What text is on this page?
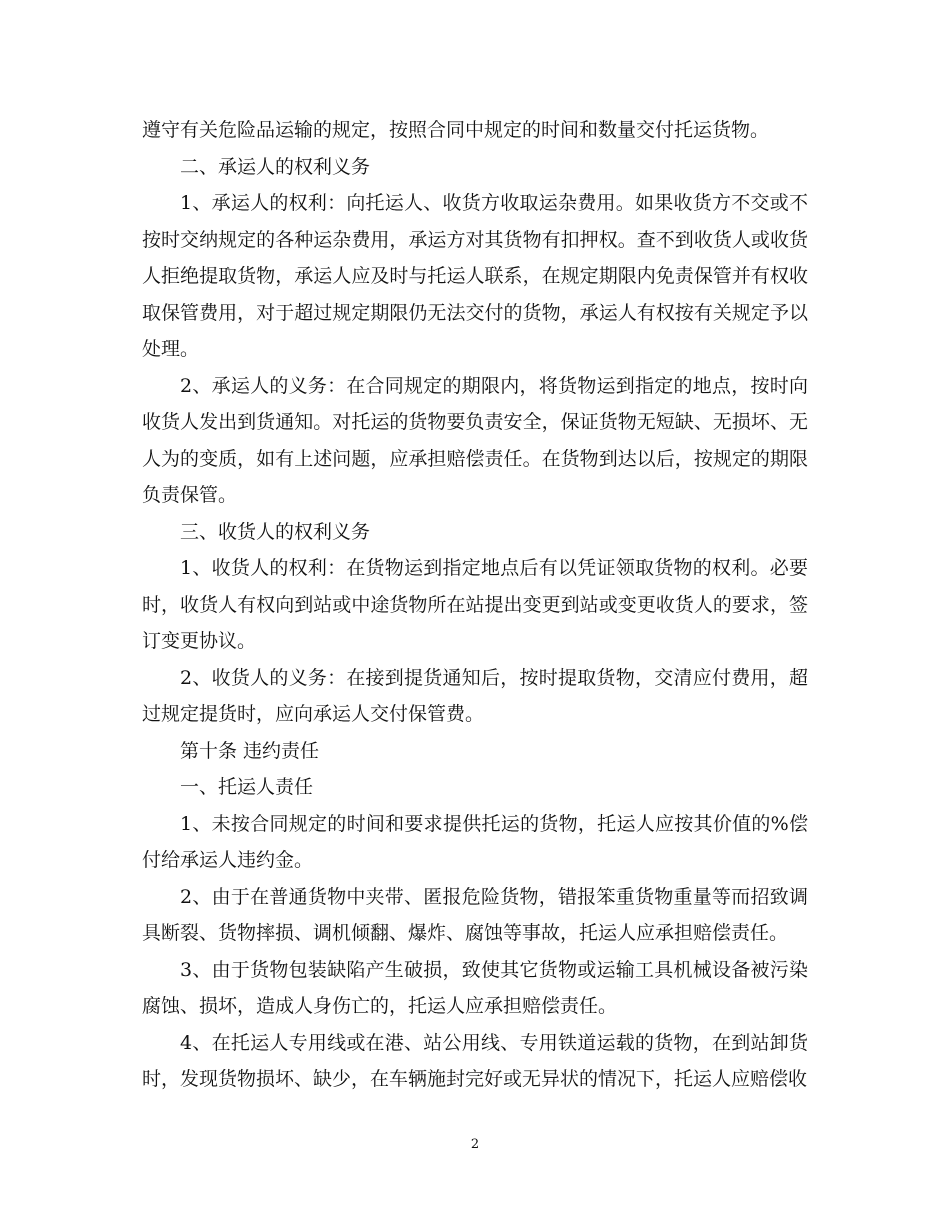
遵守有关危险品运输的规定，按照合同中规定的时间和数量交付托运货物。

二、承运人的权利义务

1、承运人的权利：向托运人、收货方收取运杂费用。如果收货方不交或不按时交纳规定的各种运杂费用，承运方对其货物有扣押权。查不到收货人或收货人拒绝提取货物，承运人应及时与托运人联系，在规定期限内免责保管并有权收取保管费用，对于超过规定期限仍无法交付的货物，承运人有权按有关规定予以处理。

2、承运人的义务：在合同规定的期限内，将货物运到指定的地点，按时向收货人发出到货通知。对托运的货物要负责安全，保证货物无短缺、无损坏、无人为的变质，如有上述问题，应承担赔偿责任。在货物到达以后，按规定的期限负责保管。

三、收货人的权利义务

1、收货人的权利：在货物运到指定地点后有以凭证领取货物的权利。必要时，收货人有权向到站或中途货物所在站提出变更到站或变更收货人的要求，签订变更协议。

2、收货人的义务：在接到提货通知后，按时提取货物，交清应付费用，超过规定提货时，应向承运人交付保管费。

第十条 违约责任

一、托运人责任

1、未按合同规定的时间和要求提供托运的货物，托运人应按其价值的%偿付给承运人违约金。

2、由于在普通货物中夹带、匿报危险货物，错报笨重货物重量等而招致调具断裂、货物摔损、调机倾翻、爆炸、腐蚀等事故，托运人应承担赔偿责任。

3、由于货物包装缺陷产生破损，致使其它货物或运输工具机械设备被污染腐蚀、损坏，造成人身伤亡的，托运人应承担赔偿责任。

4、在托运人专用线或在港、站公用线、专用铁道运载的货物，在到站卸货时，发现货物损坏、缺少，在车辆施封完好或无异状的情况下，托运人应赔偿收

2
